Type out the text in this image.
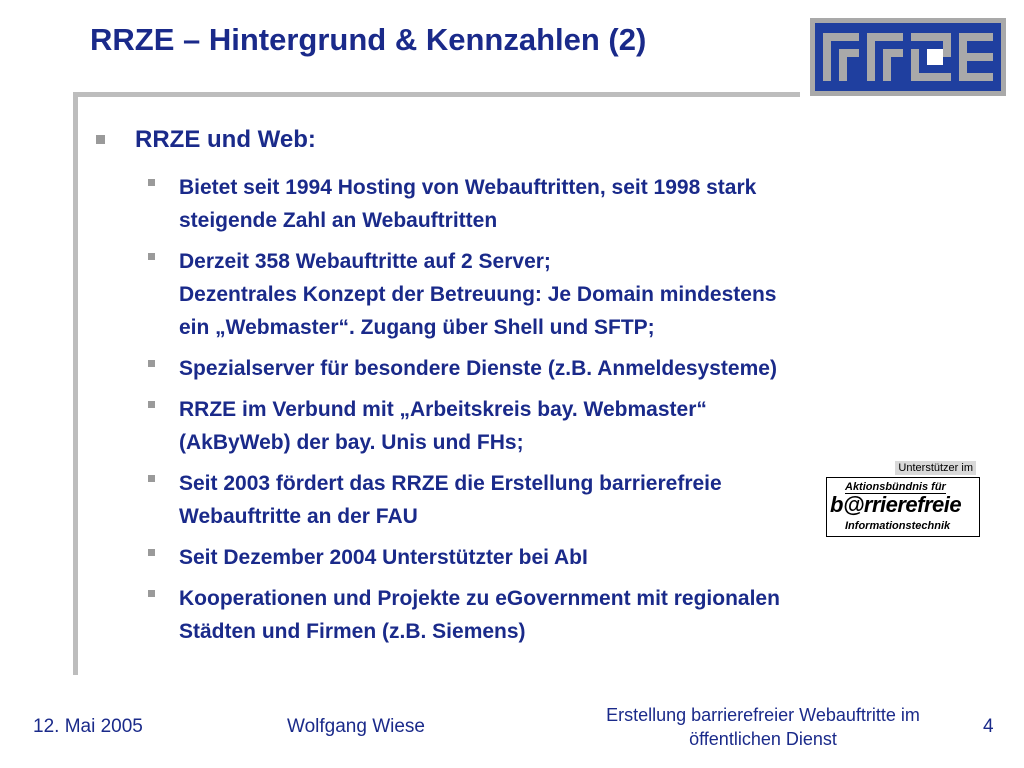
RRZE – Hintergrund & Kennzahlen (2)
RRZE und Web:
Bietet seit 1994 Hosting von Webauftritten, seit 1998 stark
steigende Zahl an Webauftritten
Derzeit 358 Webauftritte auf 2 Server;
Dezentrales Konzept der Betreuung: Je Domain mindestens
ein „Webmaster“. Zugang über Shell und SFTP;
Spezialserver für besondere Dienste (z.B. Anmeldesysteme)
RRZE im Verbund mit „Arbeitskreis bay. Webmaster“
(AkByWeb) der bay. Unis und FHs;
Seit 2003 fördert das RRZE die Erstellung barrierefreie
Webauftritte an der FAU
Seit Dezember 2004 Unterstützter bei AbI
Kooperationen und Projekte zu eGovernment mit regionalen
Städten und Firmen (z.B. Siemens)
Unterstützer im
Aktionsbündnis für
b@rrierefreie
Informationstechnik
12. Mai 2005	Wolfgang Wiese
Erstellung barrierefreier Webauftritte im
öffentlichen Dienst
4
